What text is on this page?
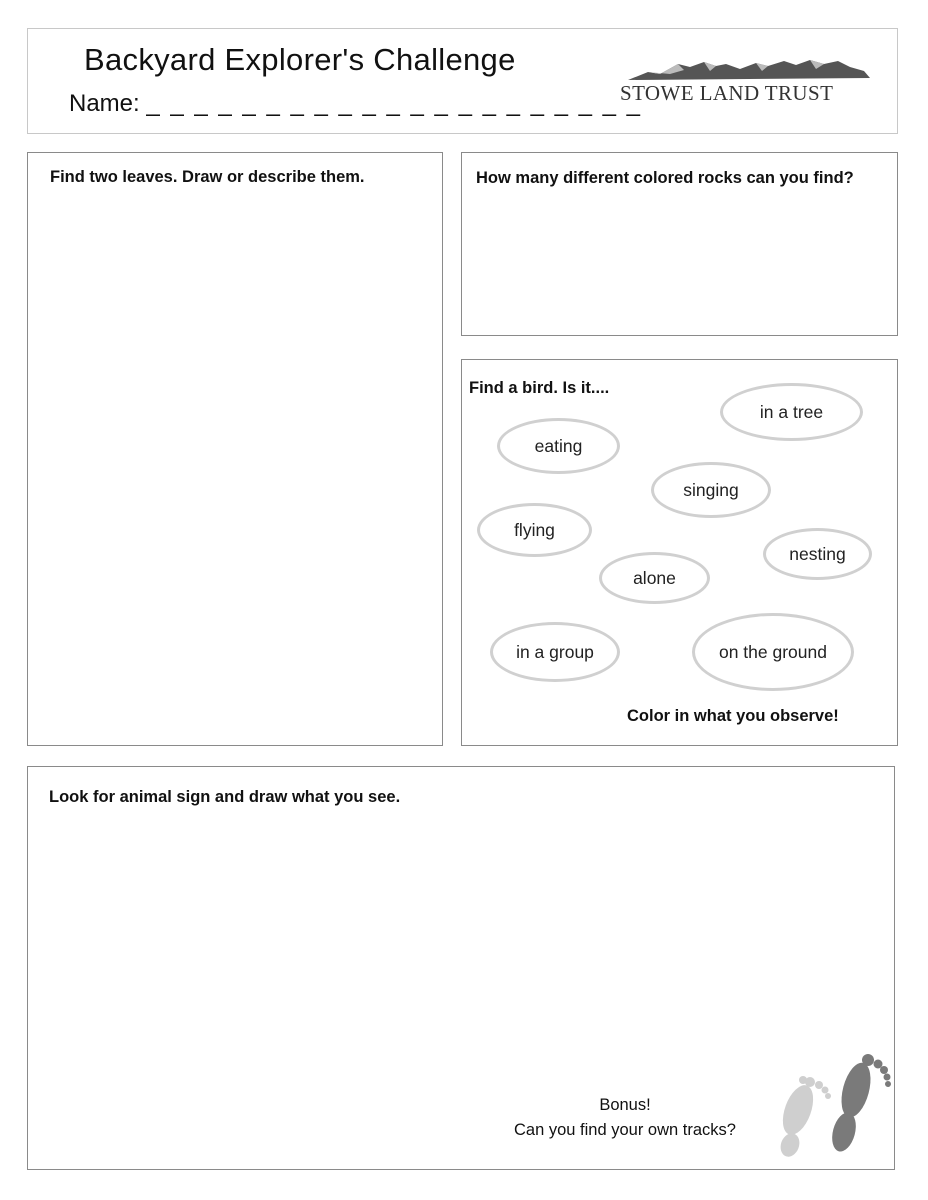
Backyard Explorer's Challenge
Name: _ _ _ _ _ _ _ _ _ _ _ _ _ _ _ _ _ _ _ _ _
STOWE LAND TRUST
Find two leaves. Draw or describe them.	How many different colored rocks can you find?
Find a bird. Is it....
in a tree
eating
singing
flying
nesting
alone
in a group	on the ground
Color in what you observe!
Look for animal sign and draw what you see.
Bonus!
Can you find your own tracks?
